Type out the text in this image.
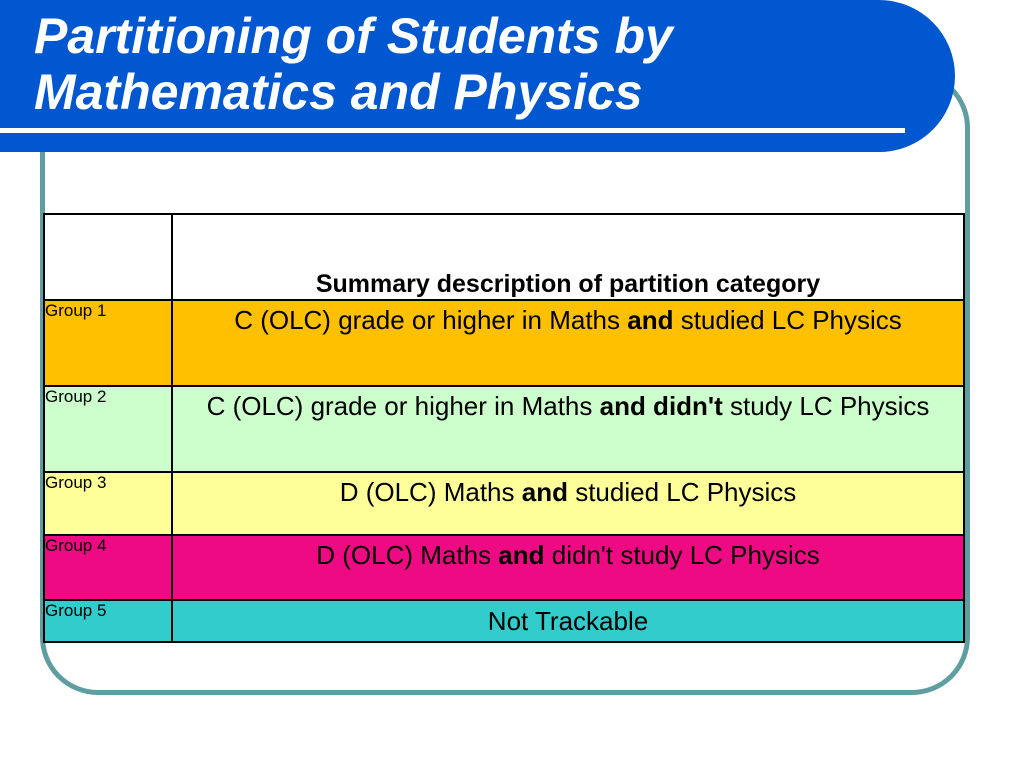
Partitioning of Students by
Mathematics and Physics
	Summary description of partition category
Group 1	C (OLC) grade or higher in Maths and studied LC Physics
Group 2	C (OLC) grade or higher in Maths and didn't study LC Physics
Group 3	D (OLC) Maths and studied LC Physics
Group 4	D (OLC) Maths and didn't study LC Physics
Group 5	Not Trackable
